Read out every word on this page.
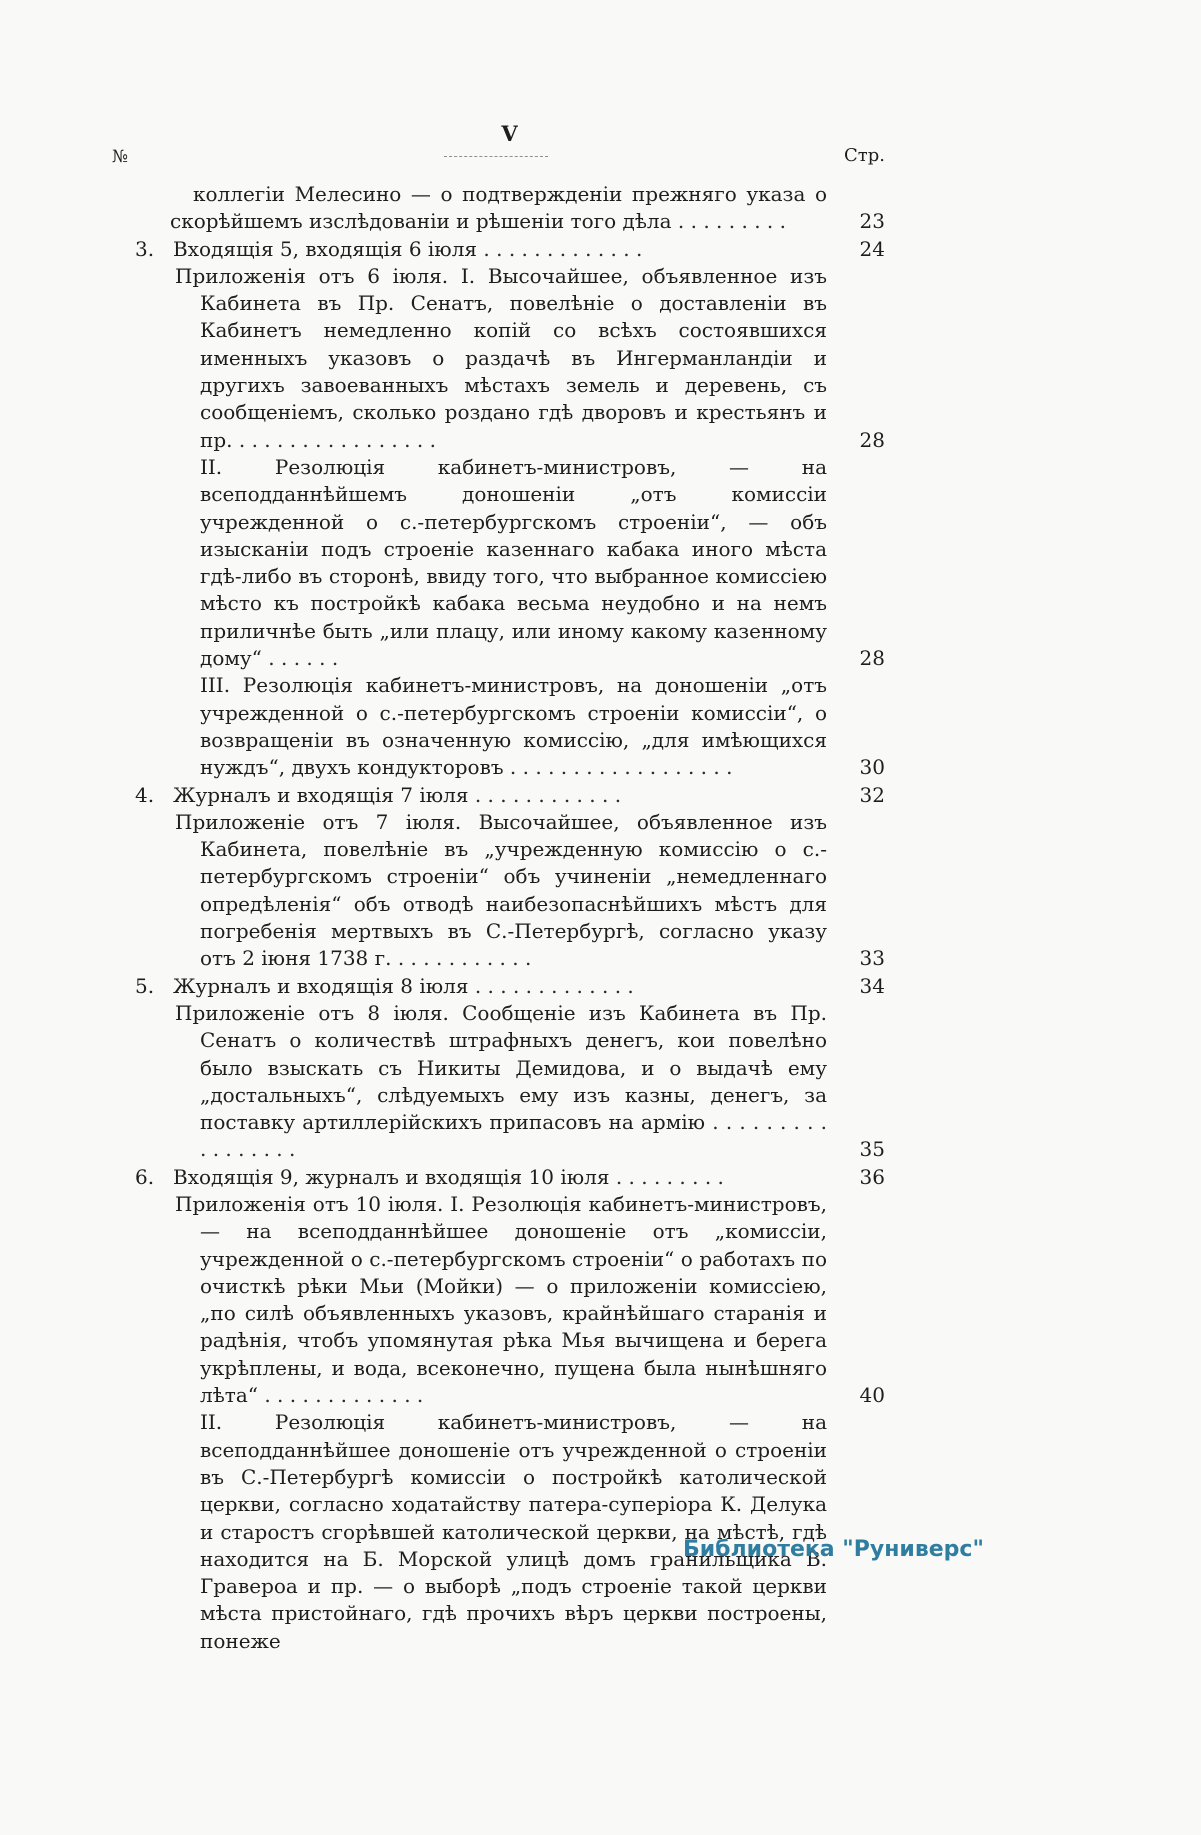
V
№	Стр.
коллегіи Мелесино — о подтвержденіи прежняго указа о скорѣйшемъ изслѣдованіи и рѣшеніи того дѣла . . . . . . . . .	23
3. Входящія 5, входящія 6 іюля . . . . . . . . . . . . .	24
Приложенія отъ 6 іюля. I. Высочайшее, объявленное изъ Кабинета въ Пр. Сенатъ, повелѣніе о доставленіи въ Кабинетъ немедленно копій со всѣхъ состоявшихся именныхъ указовъ о раздачѣ въ Ингерманландіи и другихъ завоеванныхъ мѣстахъ земель и деревень, съ сообщеніемъ, сколько роздано гдѣ дворовъ и крестьянъ и пр. . . . . . . . . . . . . . . . .	28
II. Резолюція кабинетъ-министровъ, — на всеподданнѣйшемъ доношеніи „отъ комиссіи учрежденной о с.-петербургскомъ строеніи“, — объ изысканіи подъ строеніе казеннаго кабака иного мѣста гдѣ-либо въ сторонѣ, ввиду того, что выбранное комиссіею мѣсто къ постройкѣ кабака весьма неудобно и на немъ приличнѣе быть „или плацу, или иному какому казенному дому“ . . . . . .	28
III. Резолюція кабинетъ-министровъ, на доношеніи „отъ учрежденной о с.-петербургскомъ строеніи комиссіи“, о возвращеніи въ означенную комиссію, „для имѣющихся нуждъ“, двухъ кондукторовъ . . . . . . . . . . . . . . . . . .	30
4. Журналъ и входящія 7 іюля . . . . . . . . . . . .	32
Приложеніе отъ 7 іюля. Высочайшее, объявленное изъ Кабинета, повелѣніе въ „учрежденную комиссію о с.-петербургскомъ строеніи“ объ учиненіи „немедленнаго опредѣленія“ объ отводѣ наибезопаснѣйшихъ мѣстъ для погребенія мертвыхъ въ С.-Петербургѣ, согласно указу отъ 2 іюня 1738 г. . . . . . . . . . . .	33
5. Журналъ и входящія 8 іюля . . . . . . . . . . . . .	34
Приложеніе отъ 8 іюля. Сообщеніе изъ Кабинета въ Пр. Сенатъ о количествѣ штрафныхъ денегъ, кои повелѣно было взыскать съ Никиты Демидова, и о выдачѣ ему „достальныхъ“, слѣдуемыхъ ему изъ казны, денегъ, за поставку артиллерійскихъ припасовъ на армію . . . . . . . . . . . . . . . . .	35
6. Входящія 9, журналъ и входящія 10 іюля . . . . . . . . .	36
Приложенія отъ 10 іюля. I. Резолюція кабинетъ-министровъ, — на всеподданнѣйшее доношеніе отъ „комиссіи, учрежденной о с.-петербургскомъ строеніи“ о работахъ по очисткѣ рѣки Мьи (Мойки) — о приложеніи комиссіею, „по силѣ объявленныхъ указовъ, крайнѣйшаго старанія и радѣнія, чтобъ упомянутая рѣка Мья вычищена и берега укрѣплены, и вода, всеконечно, пущена была нынѣшняго лѣта“ . . . . . . . . . . . . .	40
II. Резолюція кабинетъ-министровъ, — на всеподданнѣйшее доношеніе отъ учрежденной о строеніи въ С.-Петербургѣ комиссіи о постройкѣ католической церкви, согласно ходатайству патера-суперіора К. Делука и старостъ сгорѣвшей католической церкви, на мѣстѣ, гдѣ находится на Б. Морской улицѣ домъ гранильщика В. Гравероа и пр. — о выборѣ „подъ строеніе такой церкви мѣста пристойнаго, гдѣ прочихъ вѣръ церкви построены, понеже
Библиотека "Руниверс"
